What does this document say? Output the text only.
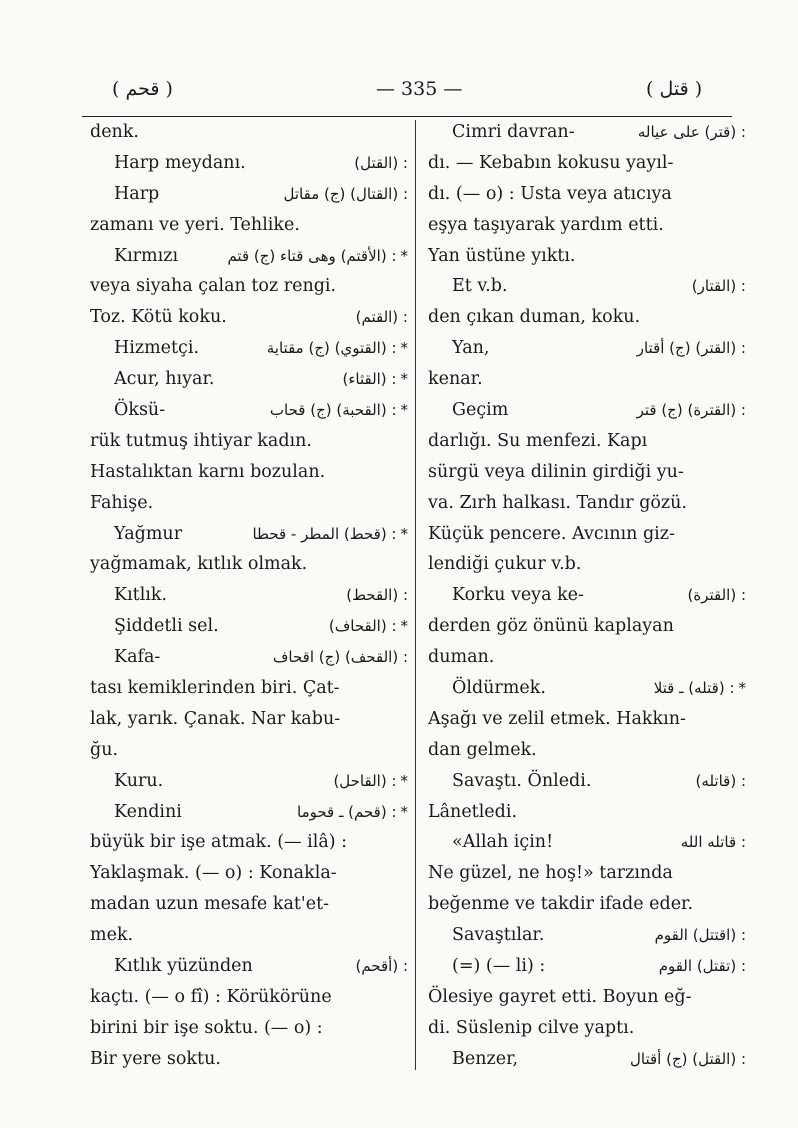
( قحم )	— 335 —	( قتل )
denk.
Harp meydanı.	: (القتل)
Harp	: (القتال) (ج) مقاتل
zamanı ve yeri. Tehlike.
Kırmızı	: (الأقتم) وهی قتاء (ج) قتم *
veya siyaha çalan toz rengi.
Toz. Kötü koku.	: (القتم)
Hizmetçi.	: (القتوي) (ج) مقتاية *
Acur, hıyar.	: (القثاء) *
Öksü-	: (القحبة) (ج) قحاب *
rük tutmuş ihtiyar kadın.
Hastalıktan karnı bozulan.
Fahişe.
Yağmur	: (قحط) المطر - قحطا *
yağmamak, kıtlık olmak.
Kıtlık.	: (القحط)
Şiddetli sel.	: (القحاف) *
Kafa-	: (القحف) (ج) اقحاف
tası kemiklerinden biri. Çat-
lak, yarık. Çanak. Nar kabu-
ğu.
Kuru.	: (القاحل) *
Kendini	: (قحم) ـ قحوما *
büyük bir işe atmak. (— ilâ) :
Yaklaşmak. (— o) : Konakla-
madan uzun mesafe kat'et-
mek.
Kıtlık yüzünden	: (أقحم)
kaçtı. (— o fî) : Körükörüne
birini bir işe soktu. (— o) :
Bir yere soktu.
Cimri davran-	: (قتر) على عياله
dı. — Kebabın kokusu yayıl-
dı. (— o) : Usta veya atıcıya
eşya taşıyarak yardım etti.
Yan üstüne yıktı.
Et v.b.	: (القتار)
den çıkan duman, koku.
Yan,	: (القتر) (ج) أقتار
kenar.
Geçim	: (القترة) (ج) قتر
darlığı. Su menfezi. Kapı
sürgü veya dilinin girdiği yu-
va. Zırh halkası. Tandır gözü.
Küçük pencere. Avcının giz-
lendiği çukur v.b.
Korku veya ke-	: (القترة)
derden göz önünü kaplayan
duman.
Öldürmek.	: (قتله) ـ قتلا *
Aşağı ve zelil etmek. Hakkın-
dan gelmek.
Savaştı. Önledi.	: (قاتله)
Lânetledi.
«Allah için!	: قاتله الله
Ne güzel, ne hoş!» tarzında
beğenme ve takdir ifade eder.
Savaştılar.	: (اقتتل) القوم
(=) (— li) :	: (تقتل) القوم
Ölesiye gayret etti. Boyun eğ-
di. Süslenip cilve yaptı.
Benzer,	: (القتل) (ج) أقتال
